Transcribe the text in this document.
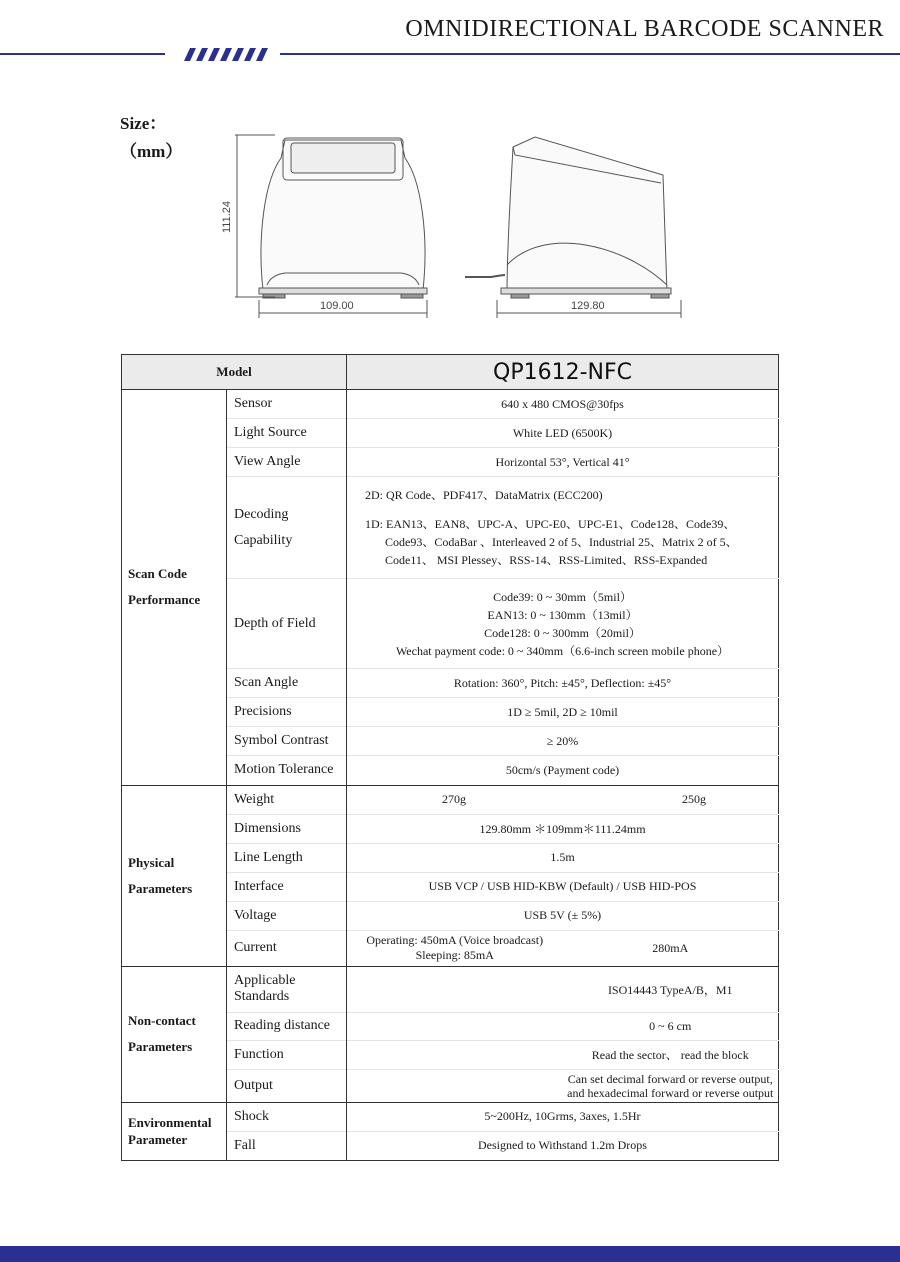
OMNIDIRECTIONAL BARCODE SCANNER
Size：
（mm）
111.24
109.00	129.80
Model		QP1612-NFC
Scan Code Performance	Sensor	640 x 480 CMOS@30fps
	Light Source	White LED (6500K)
	View Angle	Horizontal 53°, Vertical 41°
	Decoding Capability	2D: QR Code、PDF417、DataMatrix (ECC200)
1D: EAN13、EAN8、UPC-A、UPC-E0、UPC-E1、Code128、Code39、Code93、CodaBar 、Interleaved 2 of 5、Industrial 25、Matrix 2 of 5、Code11、 MSI Plessey、RSS-14、RSS-Limited、RSS-Expanded

	Depth of Field	Code39: 0 ~ 30mm（5mil）
EAN13: 0 ~ 130mm（13mil）
Code128: 0 ~ 300mm（20mil）
Wechat payment code: 0 ~ 340mm（6.6-inch screen mobile phone）

	Scan Angle	Rotation: 360°, Pitch: ±45°, Deflection: ±45°
	Precisions	1D ≥ 5mil, 2D ≥ 10mil
	Symbol Contrast	≥ 20%
	Motion Tolerance	50cm/s (Payment code)

Physical Parameters	Weight	270g 250g

	Dimensions	129.80mm ＊109mm＊111.24mm
	Line Length	1.5m
	Interface	USB VCP / USB HID-KBW (Default) / USB HID-POS
	Voltage	USB 5V (± 5%)
	Current	Operating: 450mA (Voice broadcast)
Sleeping: 85mA 280mA

Non-contact Parameters	Applicable Standards	ISO14443 TypeA/B，M1

	Reading distance	0 ~ 6 cm

	Function	Read the sector、 read the block

	Output	Can set decimal forward or reverse output,
and hexadecimal forward or reverse output

Environmental Parameter	Shock	5~200Hz, 10Grms, 3axes, 1.5Hr
	Fall	Designed to Withstand 1.2m Drops
